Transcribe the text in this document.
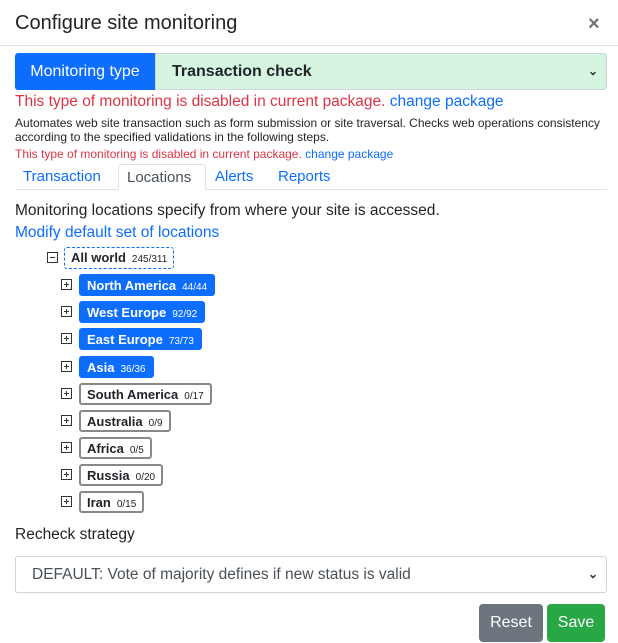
Configure site monitoring	×
Monitoring type	Transaction check	⌄
This type of monitoring is disabled in current package. change package
Automates web site transaction such as form submission or site traversal. Checks web operations consistency according to the specified validations in the following steps.
This type of monitoring is disabled in current package. change package
Transaction	Locations	Alerts	Reports
Monitoring locations specify from where your site is accessed.
Modify default set of locations
All world 245/311
North America 44/44
West Europe 92/92
East Europe 73/73
Asia 36/36
South America 0/17
Australia 0/9
Africa 0/5
Russia 0/20
Iran 0/15
Recheck strategy
DEFAULT: Vote of majority defines if new status is valid	⌄
Reset	Save
